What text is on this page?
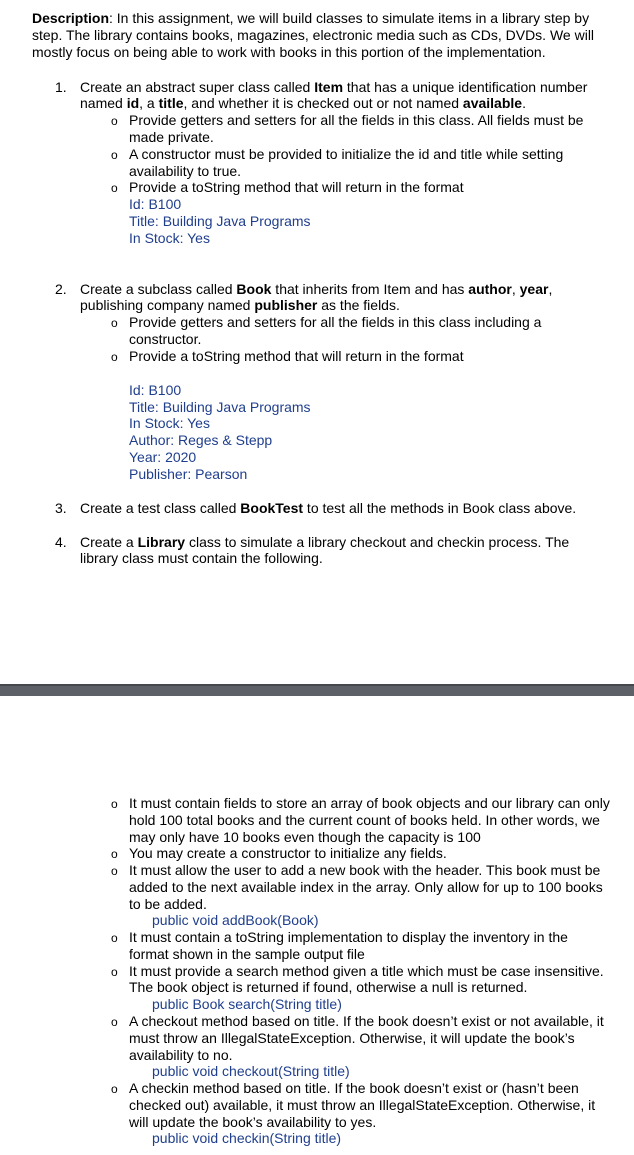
Description: In this assignment, we will build classes to simulate items in a library step by
step. The library contains books, magazines, electronic media such as CDs, DVDs. We will
mostly focus on being able to work with books in this portion of the implementation.
1. Create an abstract super class called Item that has a unique identification number
named id, a title, and whether it is checked out or not named available.
o Provide getters and setters for all the fields in this class. All fields must be
made private.
o A constructor must be provided to initialize the id and title while setting
availability to true.
o Provide a toString method that will return in the format
Id: B100
Title: Building Java Programs
In Stock: Yes
2. Create a subclass called Book that inherits from Item and has author, year,
publishing company named publisher as the fields.
o Provide getters and setters for all the fields in this class including a
constructor.
o Provide a toString method that will return in the format
Id: B100
Title: Building Java Programs
In Stock: Yes
Author: Reges & Stepp
Year: 2020
Publisher: Pearson
3. Create a test class called BookTest to test all the methods in Book class above.
4. Create a Library class to simulate a library checkout and checkin process. The
library class must contain the following.
o It must contain fields to store an array of book objects and our library can only
hold 100 total books and the current count of books held. In other words, we
may only have 10 books even though the capacity is 100
o You may create a constructor to initialize any fields.
o It must allow the user to add a new book with the header. This book must be
added to the next available index in the array. Only allow for up to 100 books
to be added.
public void addBook(Book)
o It must contain a toString implementation to display the inventory in the
format shown in the sample output file
o It must provide a search method given a title which must be case insensitive.
The book object is returned if found, otherwise a null is returned.
public Book search(String title)
o A checkout method based on title. If the book doesn’t exist or not available, it
must throw an IllegalStateException. Otherwise, it will update the book’s
availability to no.
public void checkout(String title)
o A checkin method based on title. If the book doesn’t exist or (hasn’t been
checked out) available, it must throw an IllegalStateException. Otherwise, it
will update the book’s availability to yes.
public void checkin(String title)
